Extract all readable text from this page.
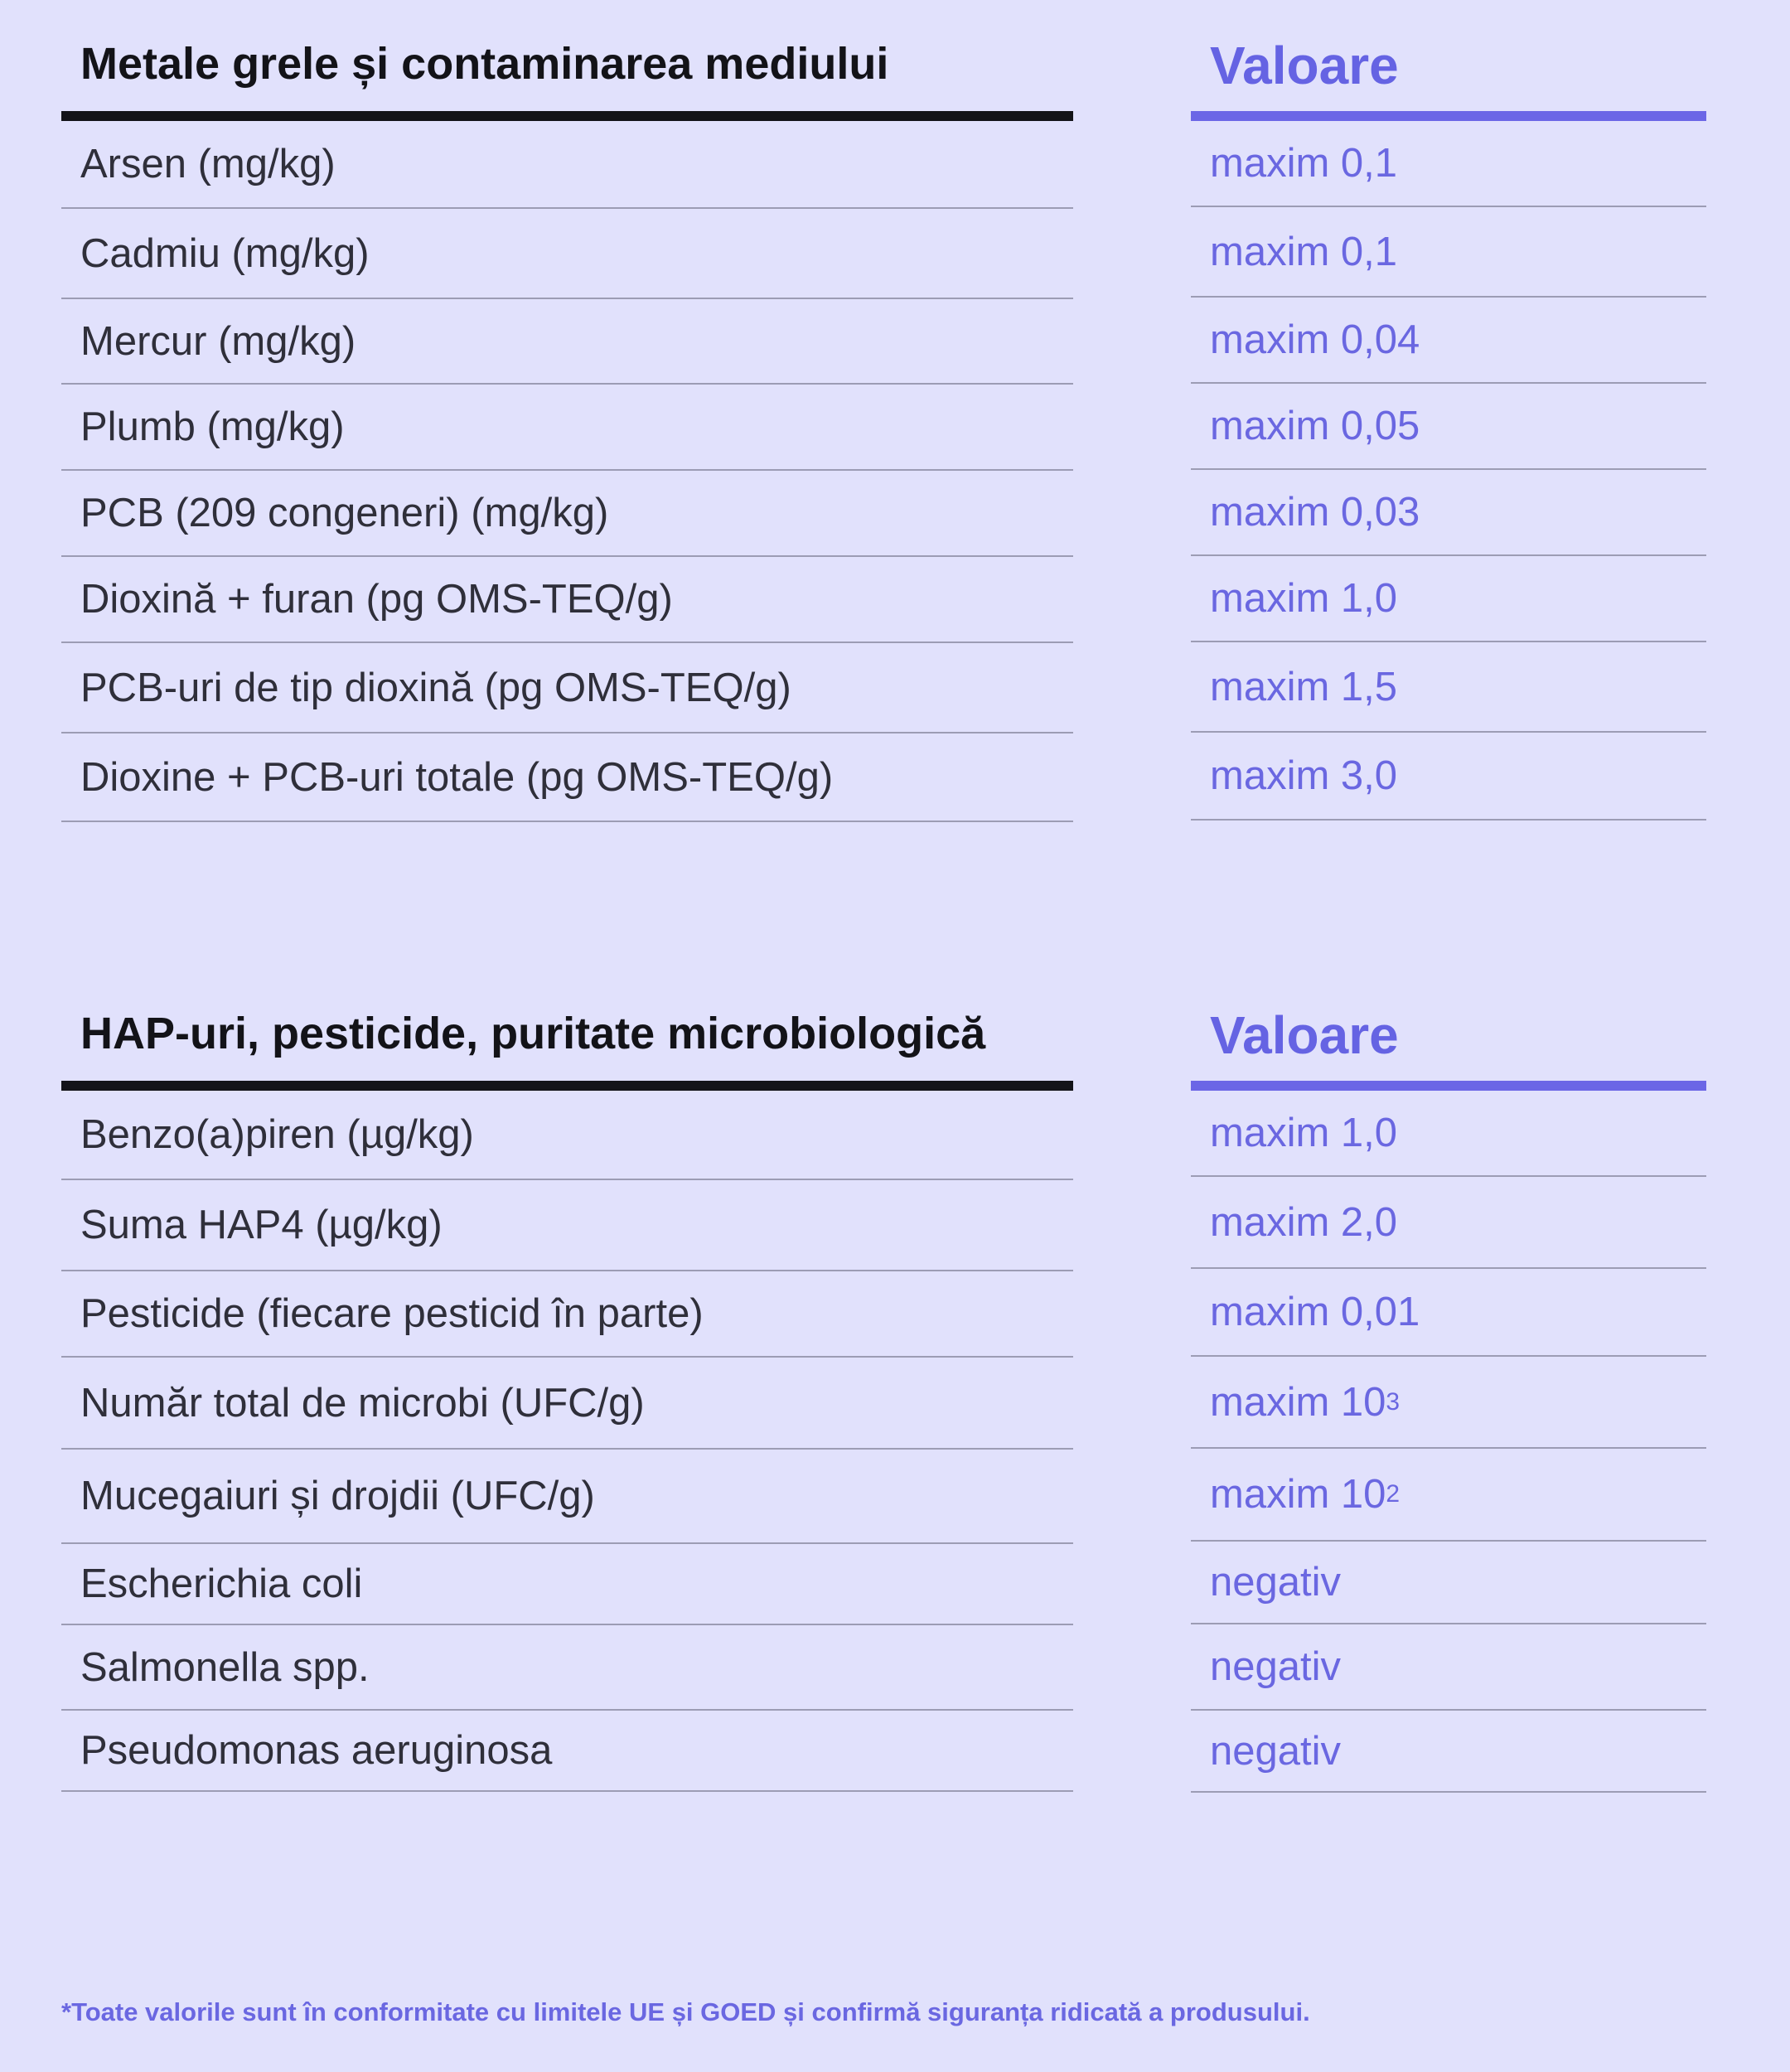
Metale grele și contaminarea mediului
Arsen (mg/kg)
Cadmiu (mg/kg)
Mercur (mg/kg)
Plumb (mg/kg)
PCB (209 congeneri) (mg/kg)
Dioxină + furan (pg OMS-TEQ/g)
PCB-uri de tip dioxină (pg OMS-TEQ/g)
Dioxine + PCB-uri totale (pg OMS-TEQ/g)
Valoare
maxim 0,1
maxim 0,1
maxim 0,04
maxim 0,05
maxim 0,03
maxim 1,0
maxim 1,5
maxim 3,0
HAP-uri, pesticide, puritate microbiologică
Benzo(a)piren (µg/kg)
Suma HAP4 (µg/kg)
Pesticide (fiecare pesticid în parte)
Număr total de microbi (UFC/g)
Mucegaiuri și drojdii (UFC/g)
Escherichia coli
Salmonella spp.
Pseudomonas aeruginosa
Valoare
maxim 1,0
maxim 2,0
maxim 0,01
maxim 10 3
maxim 10 2
negativ
negativ
negativ
*Toate valorile sunt în conformitate cu limitele UE și GOED și confirmă siguranța ridicată a produsului.
